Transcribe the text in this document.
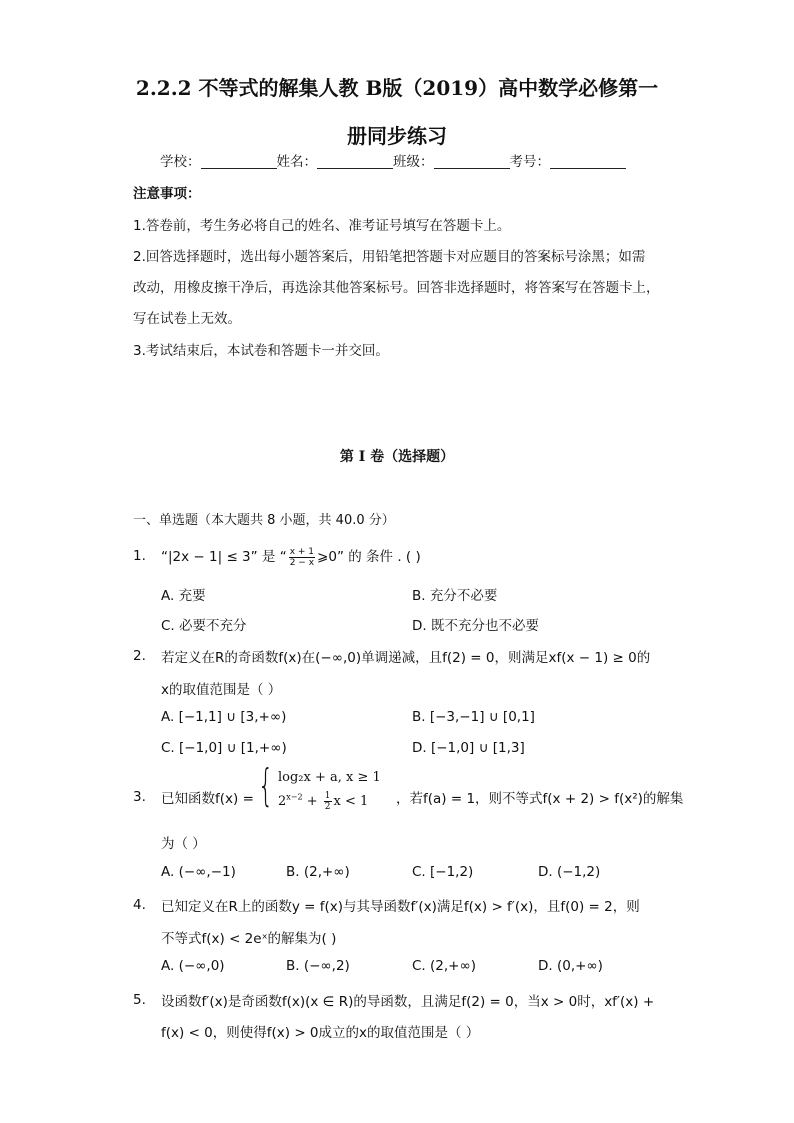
2.2.2 不等式的解集人教 B版（2019）高中数学必修第一
册同步练习
学校：	姓名：	班级：	考号：
注意事项：
1.答卷前，考生务必将自己的姓名、准考证号填写在答题卡上。
2.回答选择题时，选出每小题答案后，用铅笔把答题卡对应题目的答案标号涂黑；如需
改动，用橡皮擦干净后，再选涂其他答案标号。回答非选择题时，将答案写在答题卡上，
写在试卷上无效。
3.考试结束后，本试卷和答题卡一并交回。
第 I 卷（选择题）
一、单选题（本大题共 8 小题，共 40.0 分）
1. “|2x − 1| ≤ 3” 是 “ $\frac{x + 1}{2 - x}$ ⩾0” 的 条件 . ( )
A. 充要	B. 充分不必要
C. 必要不充分	D. 既不充分也不必要
2. 若定义在R的奇函数f(x)在(−∞,0)单调递减，且f(2) = 0，则满足xf(x − 1) ≥ 0的
x的取值范围是（ ）
A. [−1,1] ∪ [3,+∞)	B. [−3,−1] ∪ [0,1]
C. [−1,0] ∪ [1,+∞)	D. [−1,0] ∪ [1,3]
3. 已知函数f(x) = { log₂x + a, x ≥ 1
$2^{x-2} + \frac{1}{2}$ x < 1 ，若f(a) = 1，则不等式f(x + 2) > f(x²)的解集
为（ ）
A. (−∞,−1)	B. (2,+∞)	C. [−1,2)	D. (−1,2)
4. 已知定义在R上的函数y = f(x)与其导函数f′(x)满足f(x) > f′(x)，且f(0) = 2，则
不等式f(x) < 2eˣ的解集为( )
A. (−∞,0)	B. (−∞,2)	C. (2,+∞)	D. (0,+∞)
5. 设函数f′(x)是奇函数f(x)(x ∈ R)的导函数，且满足f(2) = 0，当x > 0时，xf′(x) +
f(x) < 0，则使得f(x) > 0成立的x的取值范围是（ ）
